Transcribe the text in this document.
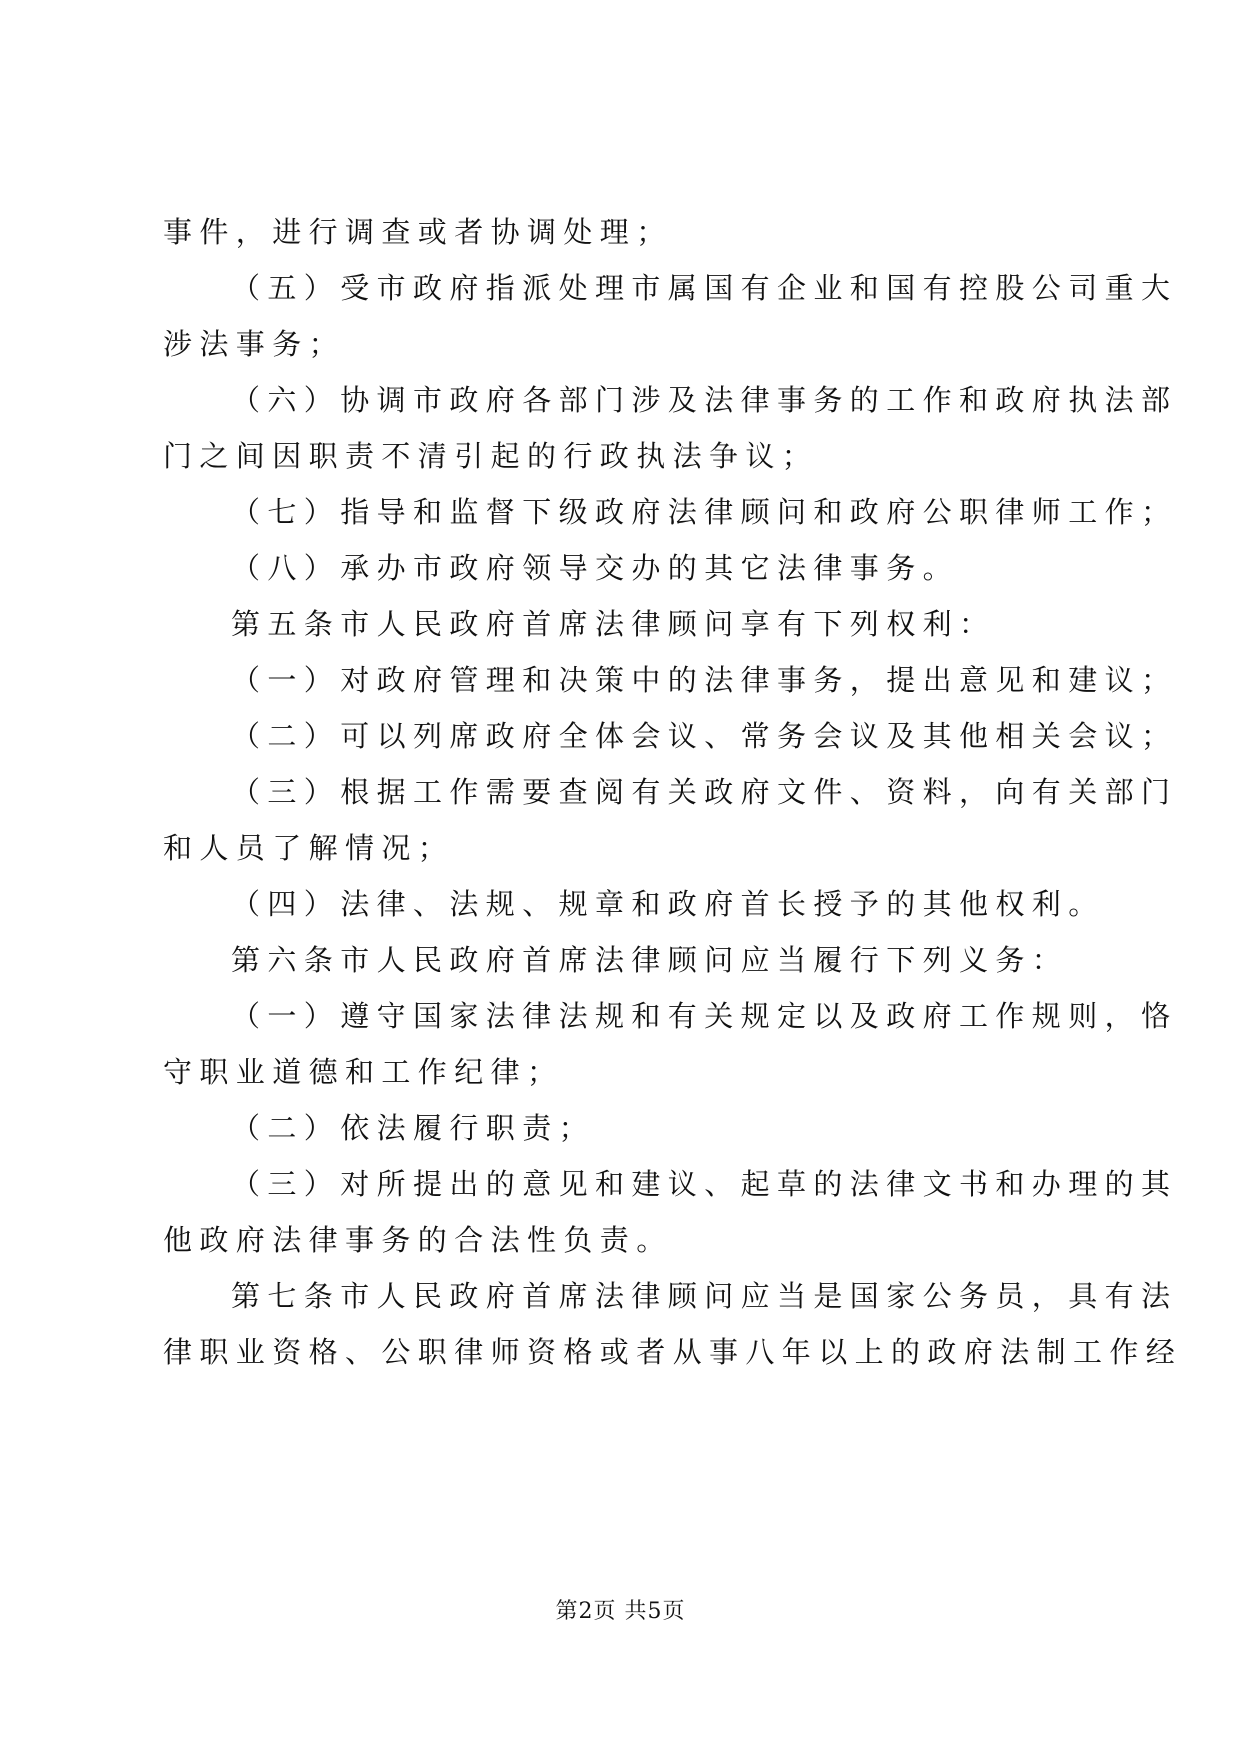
事件，进行调查或者协调处理；
（五）受市政府指派处理市属国有企业和国有控股公司重大
涉法事务；
（六）协调市政府各部门涉及法律事务的工作和政府执法部
门之间因职责不清引起的行政执法争议；
（七）指导和监督下级政府法律顾问和政府公职律师工作；
（八）承办市政府领导交办的其它法律事务。
第五条市人民政府首席法律顾问享有下列权利：
（一）对政府管理和决策中的法律事务，提出意见和建议；
（二）可以列席政府全体会议、常务会议及其他相关会议；
（三）根据工作需要查阅有关政府文件、资料，向有关部门
和人员了解情况；
（四）法律、法规、规章和政府首长授予的其他权利。
第六条市人民政府首席法律顾问应当履行下列义务：
（一）遵守国家法律法规和有关规定以及政府工作规则，恪
守职业道德和工作纪律；
（二）依法履行职责；
（三）对所提出的意见和建议、起草的法律文书和办理的其
他政府法律事务的合法性负责。
第七条市人民政府首席法律顾问应当是国家公务员，具有法
律职业资格、公职律师资格或者从事八年以上的政府法制工作经
第2页 共5页
